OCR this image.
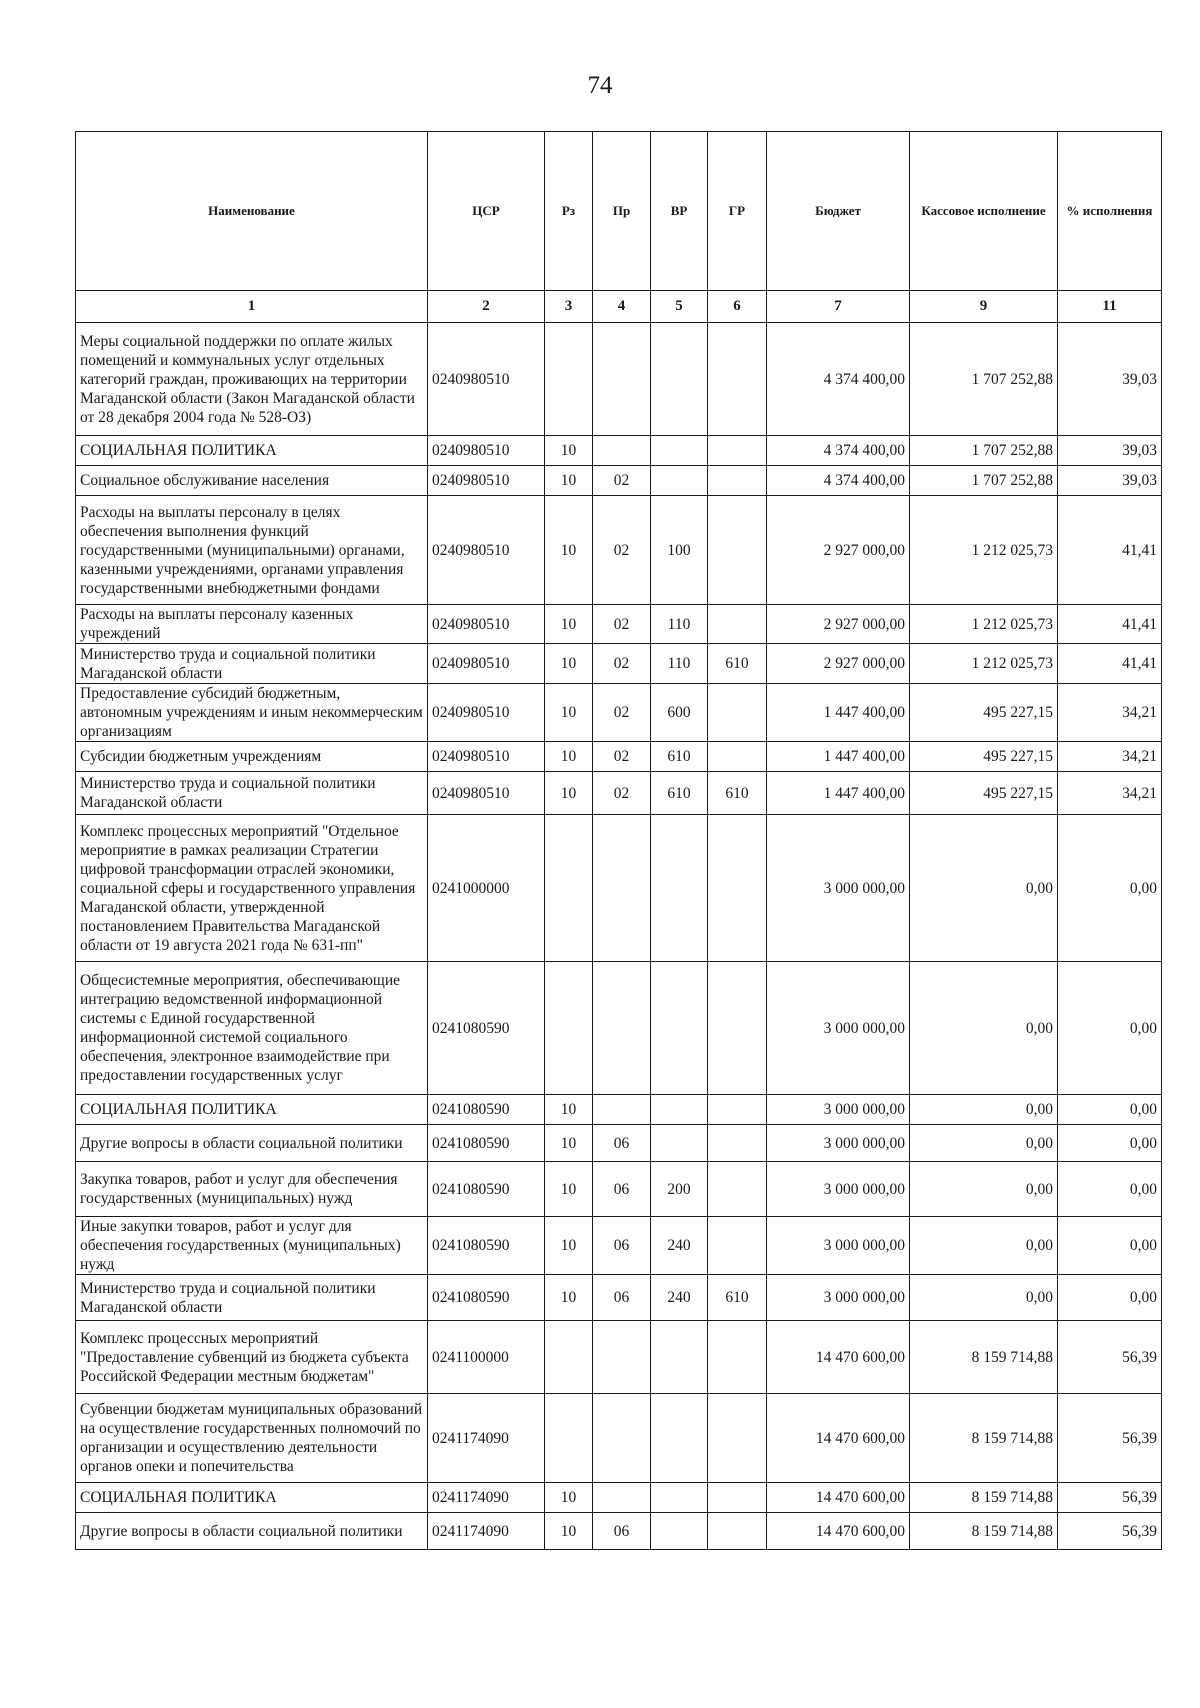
74
Наименование	ЦСР	Рз	Пр	ВР	ГР	Бюджет	Кассовое исполнение	% исполнения
1	2	3	4	5	6	7	9	11
Меры социальной поддержки по оплате жилых помещений и коммунальных услуг отдельных категорий граждан, проживающих на территории Магаданской области (Закон Магаданской области от 28 декабря 2004 года № 528-ОЗ)	0240980510					4 374 400,00	1 707 252,88	39,03
СОЦИАЛЬНАЯ ПОЛИТИКА	0240980510	10				4 374 400,00	1 707 252,88	39,03
Социальное обслуживание населения	0240980510	10	02			4 374 400,00	1 707 252,88	39,03
Расходы на выплаты персоналу в целях обеспечения выполнения функций государственными (муниципальными) органами, казенными учреждениями, органами управления государственными внебюджетными фондами	0240980510	10	02	100		2 927 000,00	1 212 025,73	41,41
Расходы на выплаты персоналу казенных учреждений	0240980510	10	02	110		2 927 000,00	1 212 025,73	41,41
Министерство труда и социальной политики Магаданской области	0240980510	10	02	110	610	2 927 000,00	1 212 025,73	41,41
Предоставление субсидий бюджетным, автономным учреждениям и иным некоммерческим организациям	0240980510	10	02	600		1 447 400,00	495 227,15	34,21
Субсидии бюджетным учреждениям	0240980510	10	02	610		1 447 400,00	495 227,15	34,21
Министерство труда и социальной политики Магаданской области	0240980510	10	02	610	610	1 447 400,00	495 227,15	34,21
Комплекс процессных мероприятий "Отдельное мероприятие в рамках реализации Стратегии цифровой трансформации отраслей экономики, социальной сферы и государственного управления Магаданской области, утвержденной постановлением Правительства Магаданской области от 19 августа 2021 года № 631-пп"	0241000000					3 000 000,00	0,00	0,00
Общесистемные мероприятия, обеспечивающие интеграцию ведомственной информационной системы с Единой государственной информационной системой социального обеспечения, электронное взаимодействие при предоставлении государственных услуг	0241080590					3 000 000,00	0,00	0,00
СОЦИАЛЬНАЯ ПОЛИТИКА	0241080590	10				3 000 000,00	0,00	0,00
Другие вопросы в области социальной политики	0241080590	10	06			3 000 000,00	0,00	0,00
Закупка товаров, работ и услуг для обеспечения государственных (муниципальных) нужд	0241080590	10	06	200		3 000 000,00	0,00	0,00
Иные закупки товаров, работ и услуг для обеспечения государственных (муниципальных) нужд	0241080590	10	06	240		3 000 000,00	0,00	0,00
Министерство труда и социальной политики Магаданской области	0241080590	10	06	240	610	3 000 000,00	0,00	0,00
Комплекс процессных мероприятий "Предоставление субвенций из бюджета субъекта Российской Федерации местным бюджетам"	0241100000					14 470 600,00	8 159 714,88	56,39
Субвенции бюджетам муниципальных образований на осуществление государственных полномочий по организации и осуществлению деятельности органов опеки и попечительства	0241174090					14 470 600,00	8 159 714,88	56,39
СОЦИАЛЬНАЯ ПОЛИТИКА	0241174090	10				14 470 600,00	8 159 714,88	56,39
Другие вопросы в области социальной политики	0241174090	10	06			14 470 600,00	8 159 714,88	56,39
